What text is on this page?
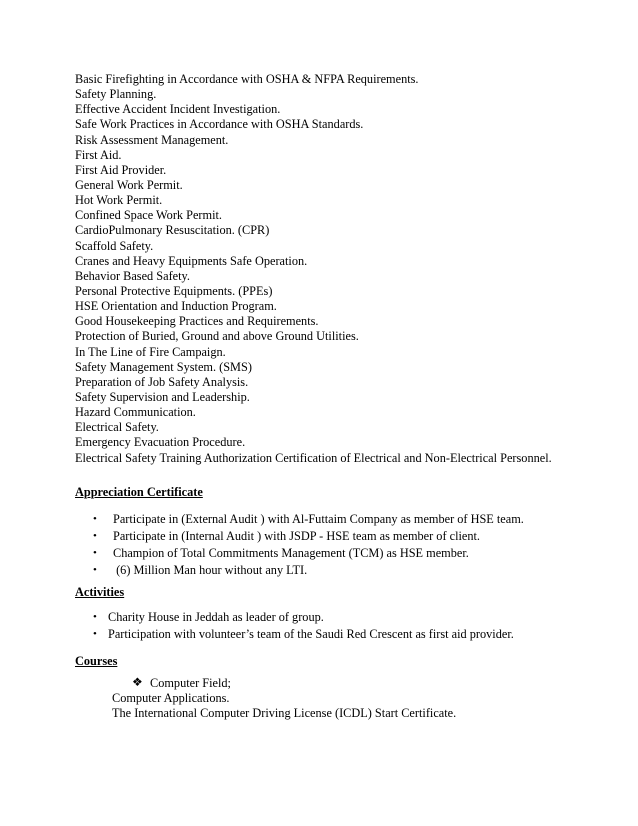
Basic Firefighting in Accordance with OSHA & NFPA Requirements.
Safety Planning.
Effective Accident Incident Investigation.
Safe Work Practices in Accordance with OSHA Standards.
Risk Assessment Management.
First Aid.
First Aid Provider.
General Work Permit.
Hot Work Permit.
Confined Space Work Permit.
CardioPulmonary Resuscitation. (CPR)
Scaffold Safety.
Cranes and Heavy Equipments Safe Operation.
Behavior Based Safety.
Personal Protective Equipments. (PPEs)
HSE Orientation and Induction Program.
Good Housekeeping Practices and Requirements.
Protection of Buried, Ground and above Ground Utilities.
In The Line of Fire Campaign.
Safety Management System. (SMS)
Preparation of Job Safety Analysis.
Safety Supervision and Leadership.
Hazard Communication.
Electrical Safety.
Emergency Evacuation Procedure.
Electrical Safety Training Authorization Certification of Electrical and Non-Electrical Personnel.
Appreciation Certificate
• Participate in (External Audit ) with Al-Futtaim Company as member of HSE team.
• Participate in (Internal Audit ) with JSDP - HSE team as member of client.
• Champion of Total Commitments Management (TCM) as HSE member.
• (6) Million Man hour without any LTI.
Activities
• Charity House in Jeddah as leader of group.
• Participation with volunteer’s team of the Saudi Red Crescent as first aid provider.
Courses
❖ Computer Field;
Computer Applications.
The International Computer Driving License (ICDL) Start Certificate.
